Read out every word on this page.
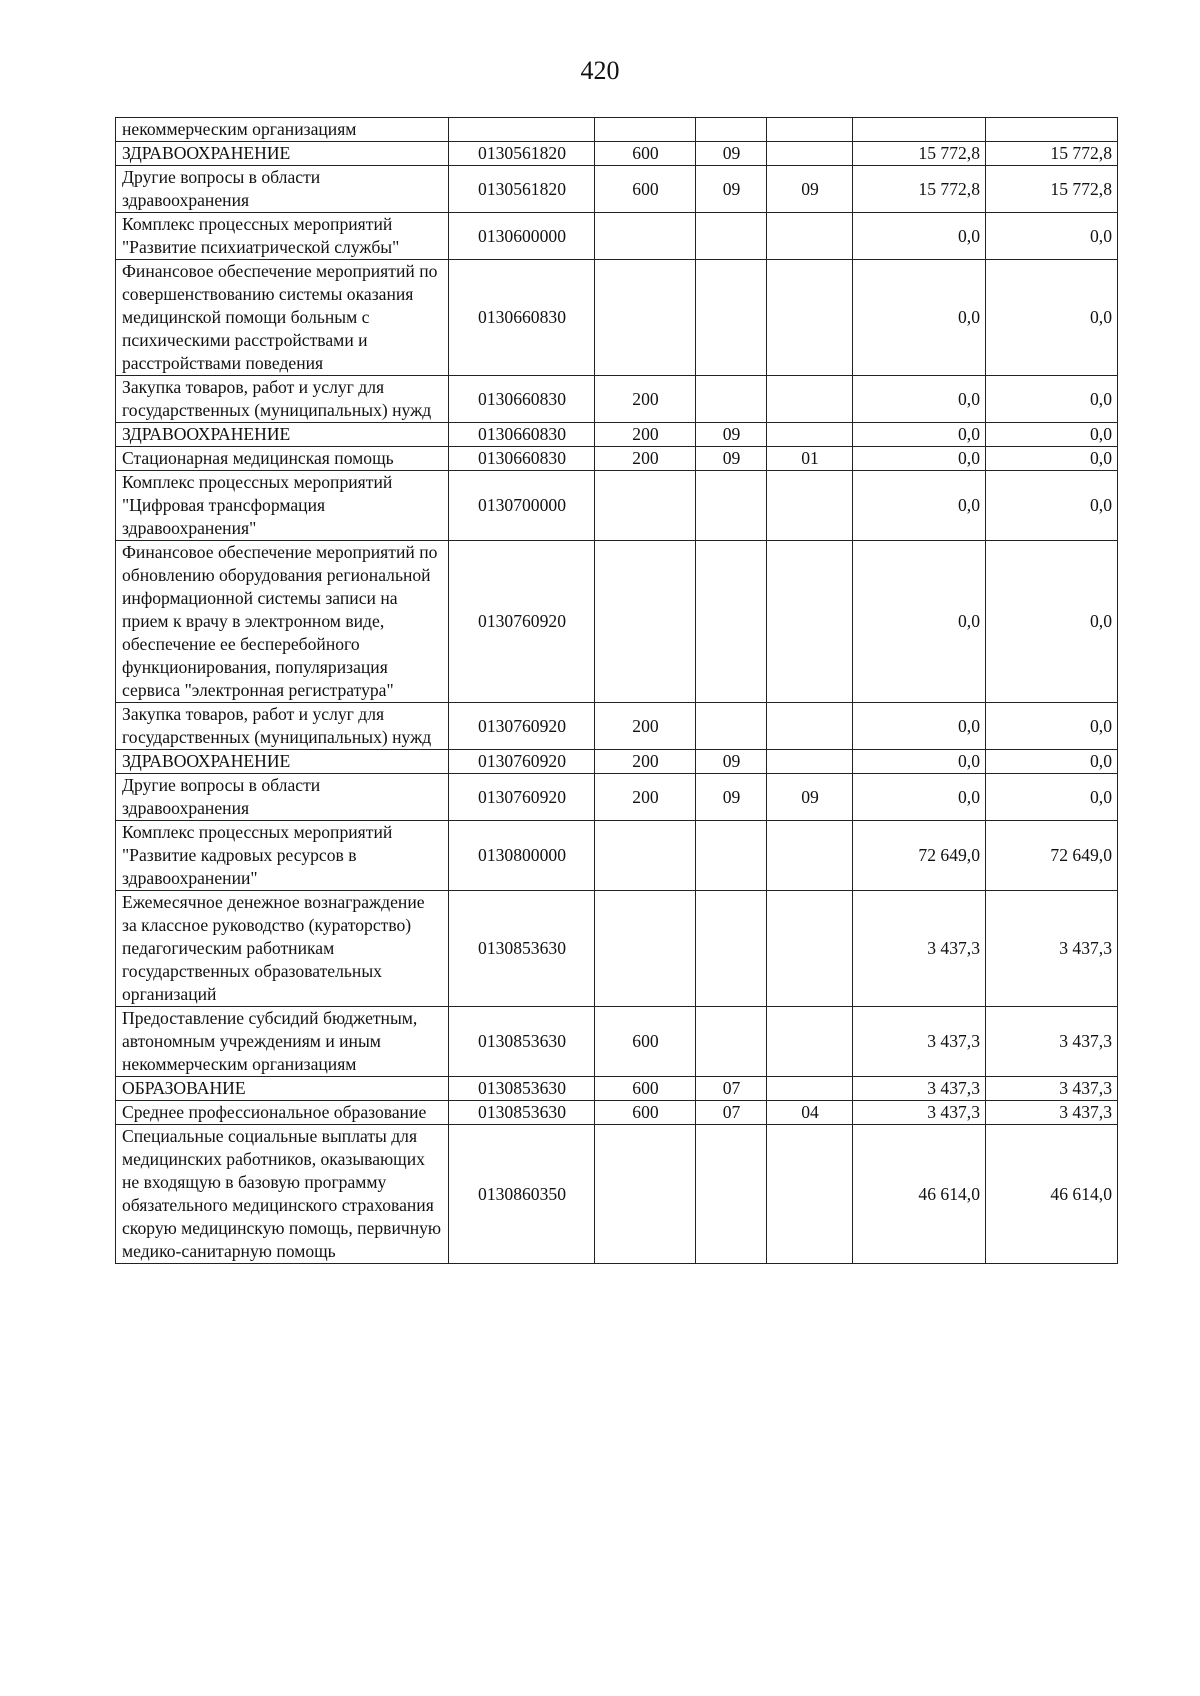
420
некоммерческим организациям						
ЗДРАВООХРАНЕНИЕ	0130561820	600	09		15 772,8	15 772,8
Другие вопросы в области здравоохранения	0130561820	600	09	09	15 772,8	15 772,8
Комплекс процессных мероприятий "Развитие психиатрической службы"	0130600000				0,0	0,0
Финансовое обеспечение мероприятий по совершенствованию системы оказания медицинской помощи больным с психическими расстройствами и расстройствами поведения	0130660830				0,0	0,0
Закупка товаров, работ и услуг для государственных (муниципальных) нужд	0130660830	200			0,0	0,0
ЗДРАВООХРАНЕНИЕ	0130660830	200	09		0,0	0,0
Стационарная медицинская помощь	0130660830	200	09	01	0,0	0,0
Комплекс процессных мероприятий "Цифровая трансформация здравоохранения"	0130700000				0,0	0,0
Финансовое обеспечение мероприятий по обновлению оборудования региональной информационной системы записи на прием к врачу в электронном виде, обеспечение ее бесперебойного функционирования, популяризация сервиса "электронная регистратура"	0130760920				0,0	0,0
Закупка товаров, работ и услуг для государственных (муниципальных) нужд	0130760920	200			0,0	0,0
ЗДРАВООХРАНЕНИЕ	0130760920	200	09		0,0	0,0
Другие вопросы в области здравоохранения	0130760920	200	09	09	0,0	0,0
Комплекс процессных мероприятий "Развитие кадровых ресурсов в здравоохранении"	0130800000				72 649,0	72 649,0
Ежемесячное денежное вознаграждение за классное руководство (кураторство) педагогическим работникам государственных образовательных организаций	0130853630				3 437,3	3 437,3
Предоставление субсидий бюджетным, автономным учреждениям и иным некоммерческим организациям	0130853630	600			3 437,3	3 437,3
ОБРАЗОВАНИЕ	0130853630	600	07		3 437,3	3 437,3
Среднее профессиональное образование	0130853630	600	07	04	3 437,3	3 437,3
Специальные социальные выплаты для медицинских работников, оказывающих не входящую в базовую программу обязательного медицинского страхования скорую медицинскую помощь, первичную медико-санитарную помощь	0130860350				46 614,0	46 614,0
